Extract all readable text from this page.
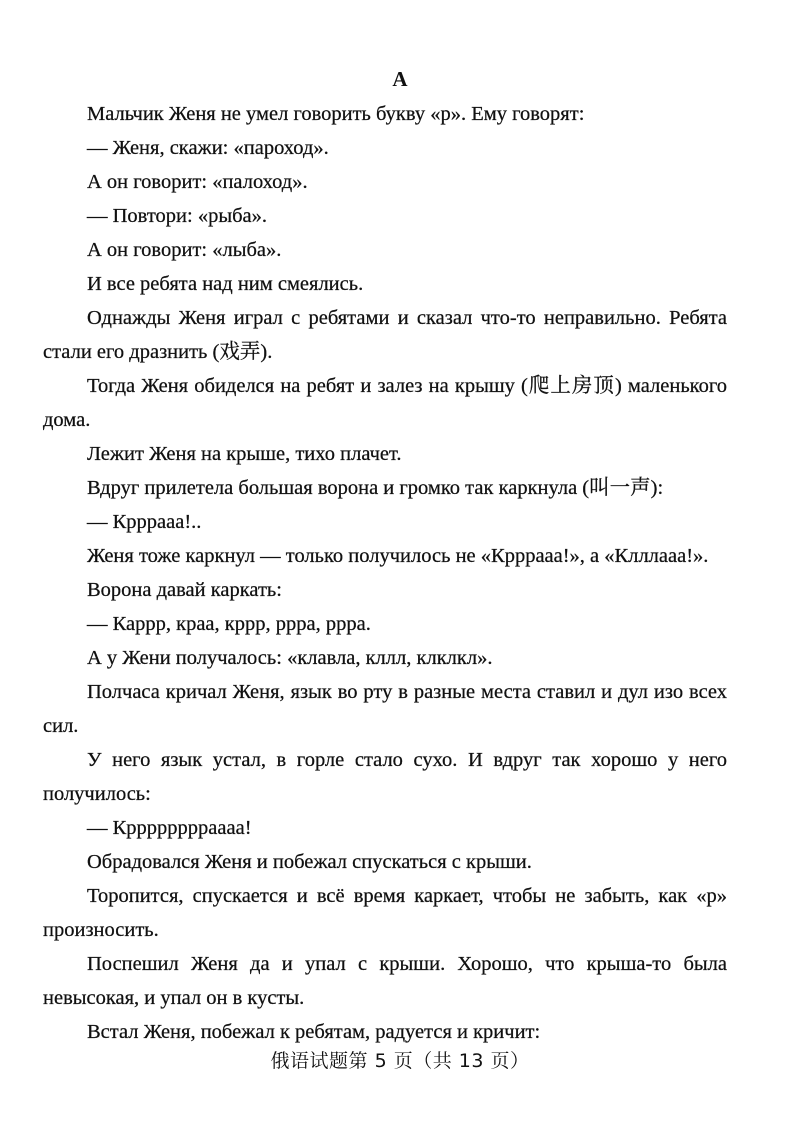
A
Мальчик Женя не умел говорить букву «р». Ему говорят:
— Женя, скажи: «пароход».
А он говорит: «палоход».
— Повтори: «рыба».
А он говорит: «лыба».
И все ребята над ним смеялись.
Однажды Женя играл с ребятами и сказал что-то неправильно. Ребята
стали его дразнить (戏弄).
Тогда Женя обиделся на ребят и залез на крышу (爬上房顶) маленького
дома.
Лежит Женя на крыше, тихо плачет.
Вдруг прилетела большая ворона и громко так каркнула (叫一声):
— Кррраaa!..
Женя тоже каркнул — только получилось не «Кррраaa!», а «Клллааа!».
Ворона давай каркать:
— Каррр, краа, кррр, ррра, ррра.
А у Жени получалось: «клавла, кллл, клклкл».
Полчаса кричал Женя, язык во рту в разные места ставил и дул изо всех
сил.
У него язык устал, в горле стало сухо. И вдруг так хорошо у него
получилось:
— Кррррррррaaaa!
Обрадовался Женя и побежал спускаться с крыши.
Торопится, спускается и всё время каркает, чтобы не забыть, как «р»
произносить.
Поспешил Женя да и упал с крыши. Хорошо, что крыша-то была
невысокая, и упал он в кусты.
Встал Женя, побежал к ребятам, радуется и кричит:
俄语试题第 5 页（共 13 页）
